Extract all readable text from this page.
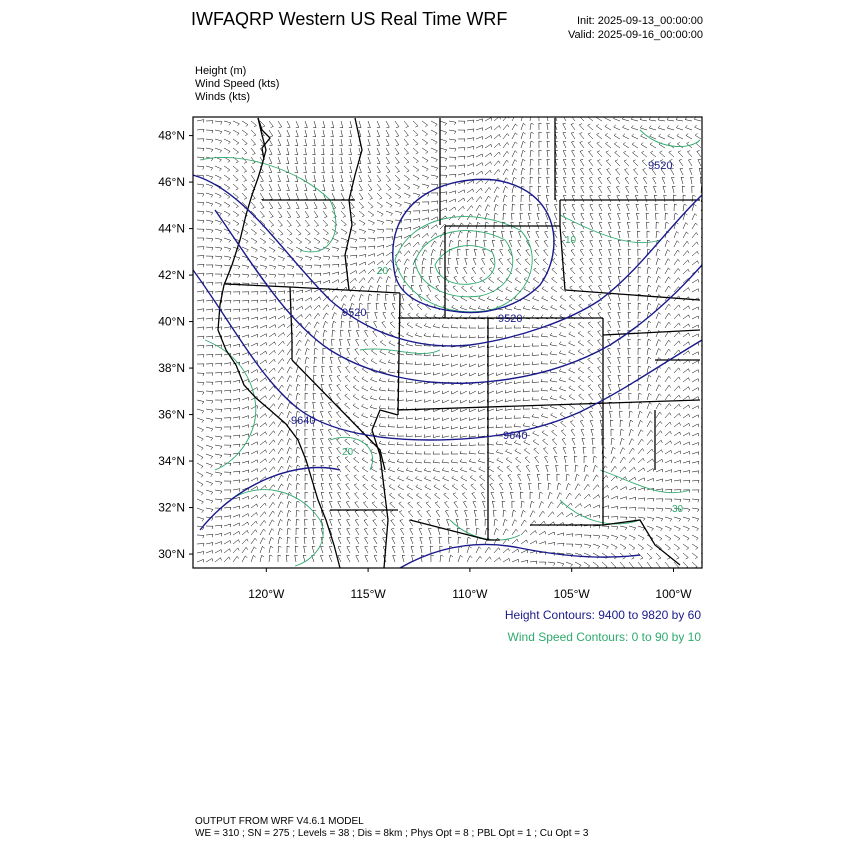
IWFAQRP Western US Real Time WRF	Init: 2025-09-13_00:00:00
Valid: 2025-09-16_00:00:00
Height (m)
Wind Speed (kts)
Winds (kts)
9520
9520	9520
9640
9640
10
20
20
30
48°N
46°N
44°N
42°N
40°N
38°N
36°N
34°N
32°N
30°N
120°W	115°W	110°W	105°W	100°W
Height Contours: 9400 to 9820 by 60
Wind Speed Contours: 0 to 90 by 10
OUTPUT FROM WRF V4.6.1 MODEL
WE = 310 ; SN = 275 ; Levels = 38 ; Dis = 8km ; Phys Opt = 8 ; PBL Opt = 1 ; Cu Opt = 3
